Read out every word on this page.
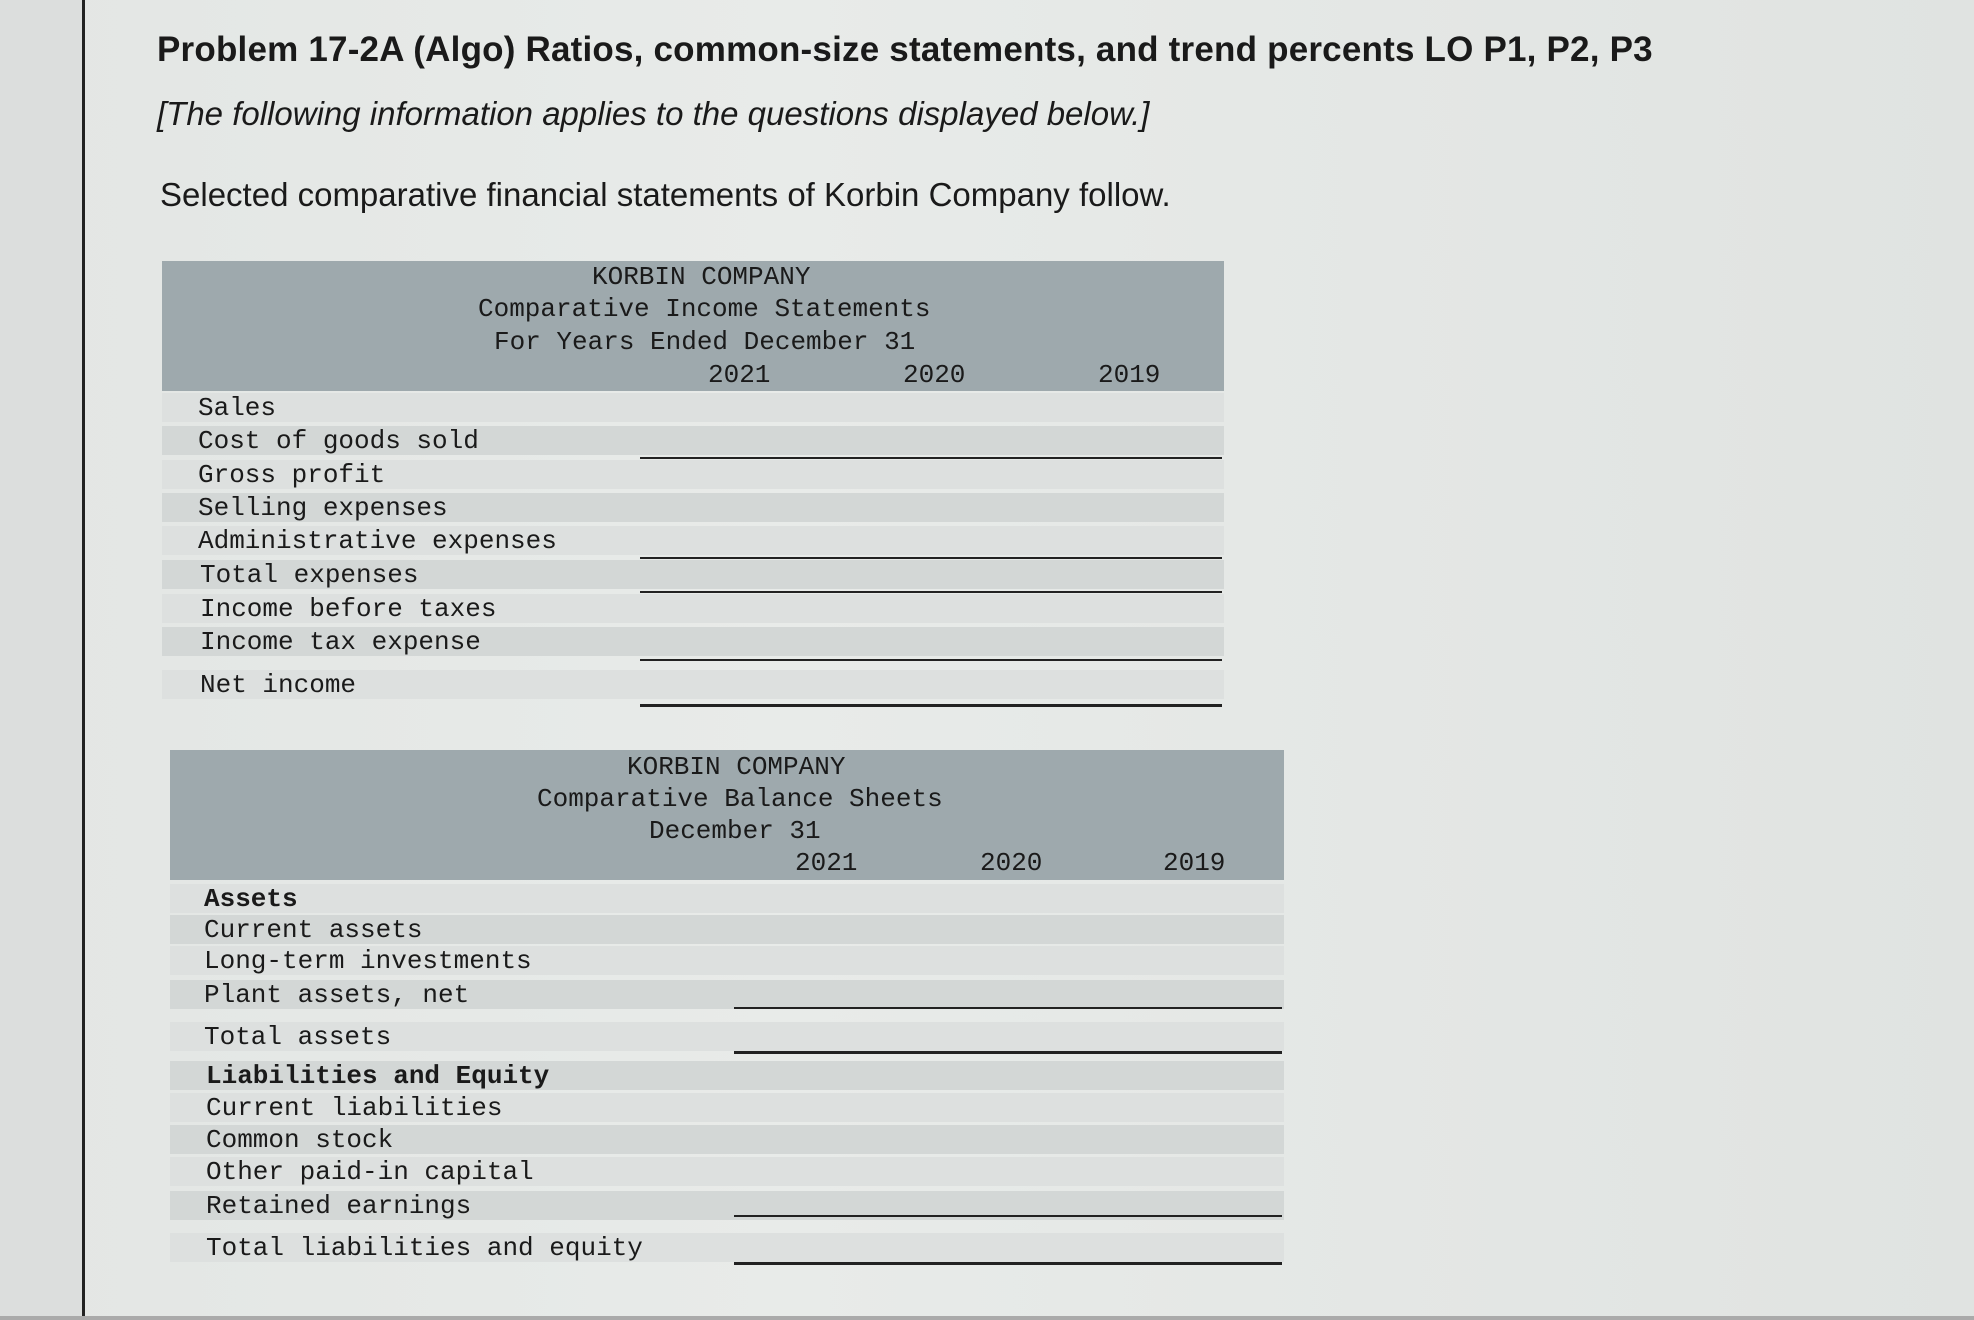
Problem 17-2A (Algo) Ratios, common-size statements, and trend percents LO P1, P2, P3
[The following information applies to the questions displayed below.]
Selected comparative financial statements of Korbin Company follow.
KORBIN COMPANY
Comparative Income Statements
For Years Ended December 31
2021	2020	2019
Sales
Cost of goods sold
Gross profit
Selling expenses
Administrative expenses
Total expenses
Income before taxes
Income tax expense
Net income
KORBIN COMPANY
Comparative Balance Sheets
December 31
2021	2020	2019
Assets
Current assets
Long-term investments
Plant assets, net
Total assets
Liabilities and Equity
Current liabilities
Common stock
Other paid-in capital
Retained earnings
Total liabilities and equity
